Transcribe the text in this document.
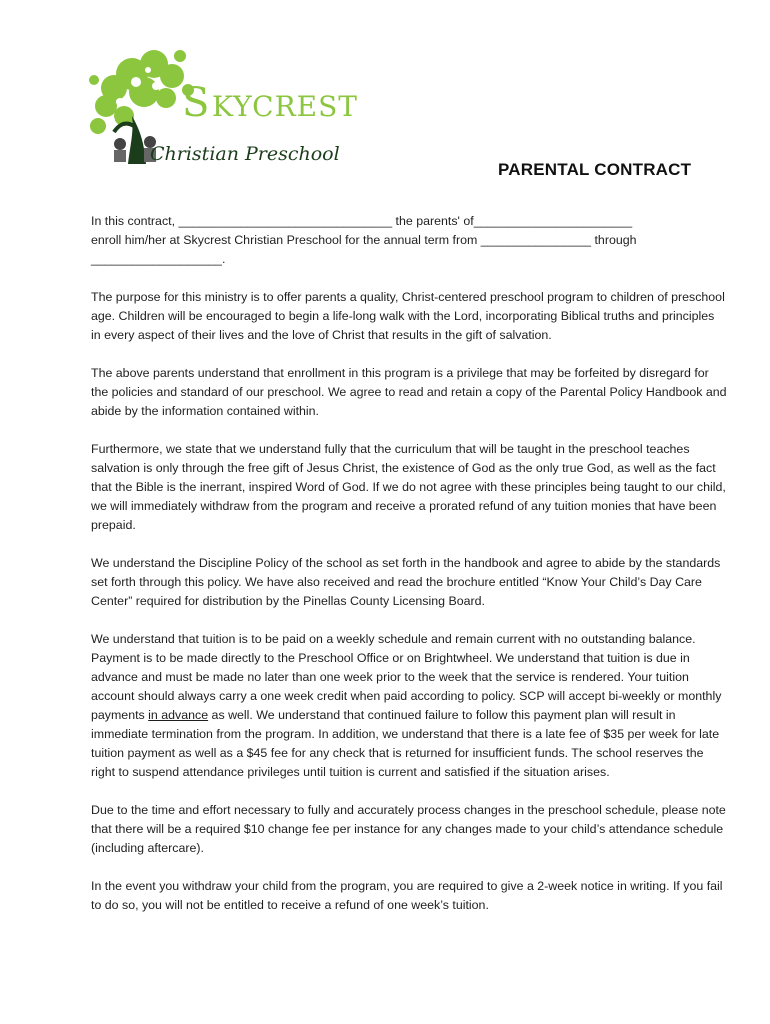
S KYCREST
Christian Preschool
PARENTAL CONTRACT

In this contract, _______________________________ the parents' of_______________________
enroll him/her at Skycrest Christian Preschool for the annual term from ________________ through
___________________.

The purpose for this ministry is to offer parents a quality, Christ-centered preschool program to children of preschool age. Children will be encouraged to begin a life-long walk with the Lord, incorporating Biblical truths and principles in every aspect of their lives and the love of Christ that results in the gift of salvation.

The above parents understand that enrollment in this program is a privilege that may be forfeited by disregard for the policies and standard of our preschool. We agree to read and retain a copy of the Parental Policy Handbook and abide by the information contained within.

Furthermore, we state that we understand fully that the curriculum that will be taught in the preschool teaches salvation is only through the free gift of Jesus Christ, the existence of God as the only true God, as well as the fact that the Bible is the inerrant, inspired Word of God. If we do not agree with these principles being taught to our child, we will immediately withdraw from the program and receive a prorated refund of any tuition monies that have been prepaid.

We understand the Discipline Policy of the school as set forth in the handbook and agree to abide by the standards set forth through this policy. We have also received and read the brochure entitled “Know Your Child’s Day Care Center” required for distribution by the Pinellas County Licensing Board.

We understand that tuition is to be paid on a weekly schedule and remain current with no outstanding balance. Payment is to be made directly to the Preschool Office or on Brightwheel. We understand that tuition is due in advance and must be made no later than one week prior to the week that the service is rendered. Your tuition account should always carry a one week credit when paid according to policy. SCP will accept bi-weekly or monthly payments in advance as well. We understand that continued failure to follow this payment plan will result in immediate termination from the program. In addition, we understand that there is a late fee of $35 per week for late tuition payment as well as a $45 fee for any check that is returned for insufficient funds. The school reserves the right to suspend attendance privileges until tuition is current and satisfied if the situation arises.

Due to the time and effort necessary to fully and accurately process changes in the preschool schedule, please note that there will be a required $10 change fee per instance for any changes made to your child’s attendance schedule (including aftercare).

In the event you withdraw your child from the program, you are required to give a 2-week notice in writing. If you fail to do so, you will not be entitled to receive a refund of one week’s tuition.
